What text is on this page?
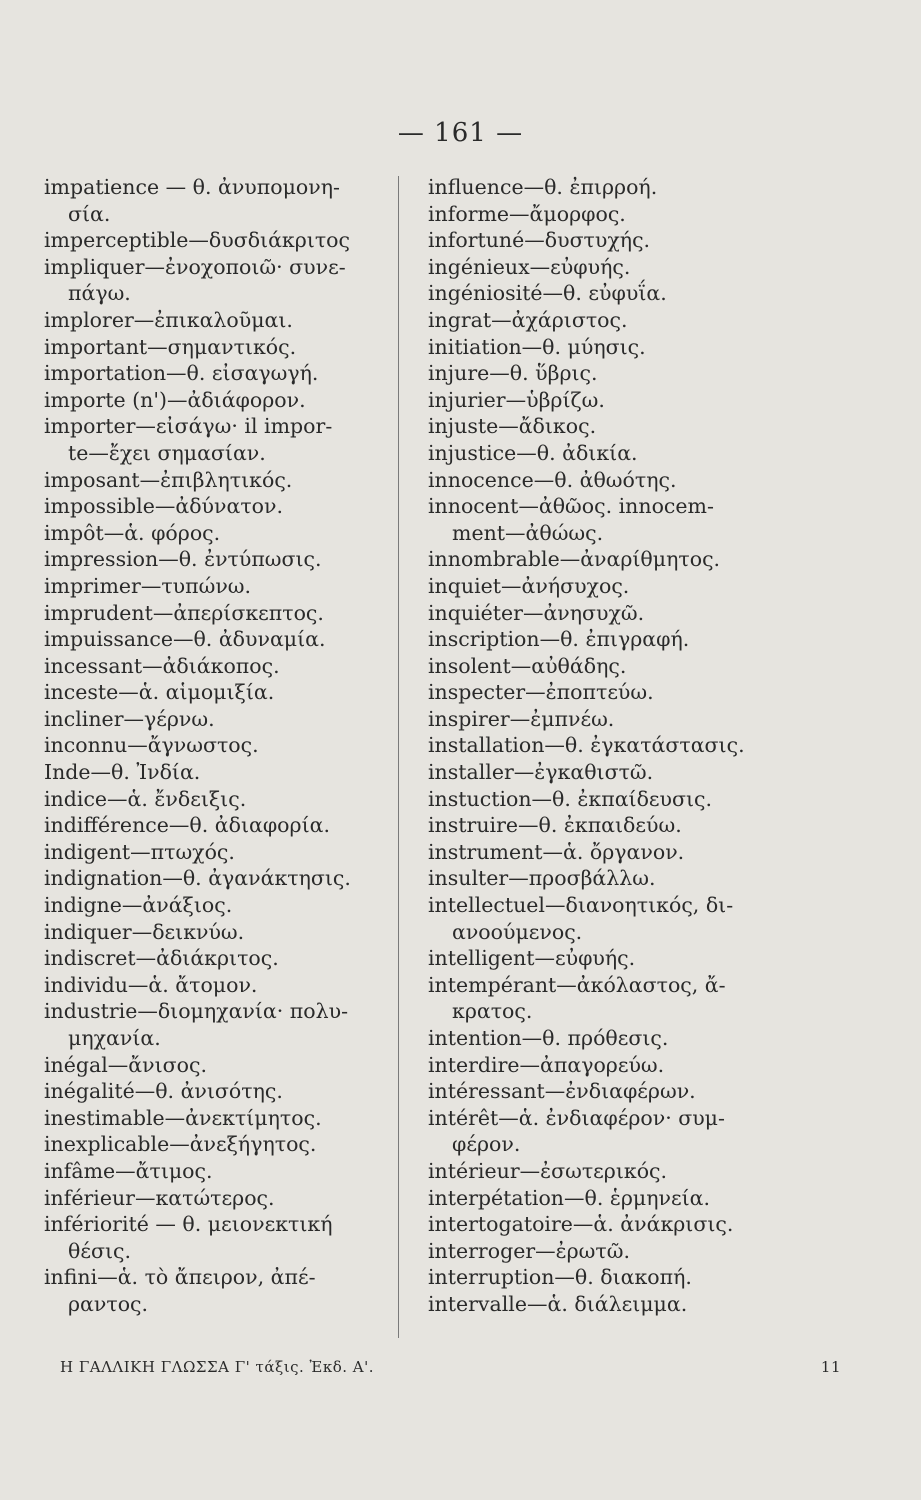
— 161 —
impatience — θ. ἀνυπομονη-
σία.
imperceptible—δυσδιάκριτος
impliquer—ἐνοχοποιῶ· συνε-
πάγω.
implorer—ἐπικαλοῦμαι.
important—σημαντικός.
importation—θ. εἰσαγωγή.
importe (n')—ἀδιάφορον.
importer—εἰσάγω· il impor-
te—ἔχει σημασίαν.
imposant—ἐπιβλητικός.
impossible—ἀδύνατον.
impôt—ἁ. φόρος.
impression—θ. ἐντύπωσις.
imprimer—τυπώνω.
imprudent—ἀπερίσκεπτος.
impuissance—θ. ἀδυναμία.
incessant—ἀδιάκοπος.
inceste—ἁ. αἱμομιξία.
incliner—γέρνω.
inconnu—ἄγνωστος.
Inde—θ. Ἰνδία.
indice—ἁ. ἔνδειξις.
indifférence—θ. ἀδιαφορία.
indigent—πτωχός.
indignation—θ. ἀγανάκτησις.
indigne—ἀνάξιος.
indiquer—δεικνύω.
indiscret—ἀδιάκριτος.
individu—ἁ. ἄτομον.
industrie—διομηχανία· πολυ-
μηχανία.
inégal—ἄνισος.
inégalité—θ. ἀνισότης.
inestimable—ἀνεκτίμητος.
inexplicable—ἀνεξήγητος.
infâme—ἄτιμος.
inférieur—κατώτερος.
infériorité — θ. μειονεκτική
θέσις.
infini—ἁ. τὸ ἄπειρον, ἀπέ-
ραντος.
influence—θ. ἐπιρροή.
informe—ἄμορφος.
infortuné—δυστυχής.
ingénieux—εὐφυής.
ingéniosité—θ. εὐφυΐα.
ingrat—ἀχάριστος.
initiation—θ. μύησις.
injure—θ. ὕβρις.
injurier—ὑβρίζω.
injuste—ἄδικος.
injustice—θ. ἀδικία.
innocence—θ. ἀθωότης.
innocent—ἀθῶος. innocem-
ment—ἀθώως.
innombrable—ἀναρίθμητος.
inquiet—ἀνήσυχος.
inquiéter—ἀνησυχῶ.
inscription—θ. ἐπιγραφή.
insolent—αὐθάδης.
inspecter—ἐποπτεύω.
inspirer—ἐμπνέω.
installation—θ. ἐγκατάστασις.
installer—ἐγκαθιστῶ.
instuction—θ. ἐκπαίδευσις.
instruire—θ. ἐκπαιδεύω.
instrument—ἁ. ὄργανον.
insulter—προσβάλλω.
intellectuel—διανοητικός, δι-
ανοούμενος.
intelligent—εὐφυής.
intempérant—ἀκόλαστος, ἄ-
κρατος.
intention—θ. πρόθεσις.
interdire—ἀπαγορεύω.
intéressant—ἐνδιαφέρων.
intérêt—ἁ. ἐνδιαφέρον· συμ-
φέρον.
intérieur—ἐσωτερικός.
interpétation—θ. ἑρμηνεία.
intertogatoire—ἁ. ἀνάκρισις.
interroger—ἐρωτῶ.
interruption—θ. διακοπή.
intervalle—ἁ. διάλειμμα.
Η ΓΑΛΛΙΚΗ ΓΛΩΣΣΑ Γ' τάξις. Ἐκδ. Α'.	11
